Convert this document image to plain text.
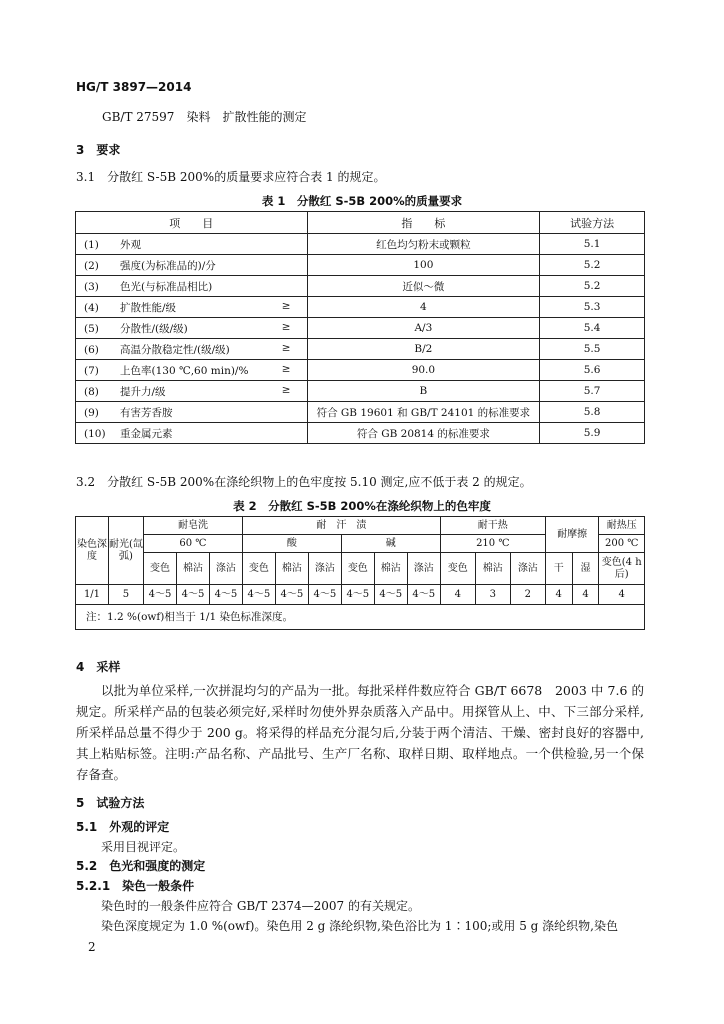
HG/T 3897—2014
GB/T 27597　染料　扩散性能的测定
3　要求
3.1　分散红 S-5B 200%的质量要求应符合表 1 的规定。
表 1　分散红 S-5B 200%的质量要求
项　　目	指　　标	试验方法
(1) 外观	红色均匀粉末或颗粒	5.1
(2) 强度(为标准品的)/分	100	5.2
(3) 色光(与标准品相比)	近似～微	5.2
(4) 扩散性能/级 ≥	4	5.3
(5) 分散性/(级/级) ≥	A/3	5.4
(6) 高温分散稳定性/(级/级) ≥	B/2	5.5
(7) 上色率(130 ℃,60 min)/% ≥	90.0	5.6
(8) 提升力/级 ≥	B	5.7
(9) 有害芳香胺	符合 GB 19601 和 GB/T 24101 的标准要求	5.8
(10) 重金属元素	符合 GB 20814 的标准要求	5.9
3.2　分散红 S-5B 200%在涤纶织物上的色牢度按 5.10 测定,应不低于表 2 的规定。
表 2　分散红 S-5B 200%在涤纶织物上的色牢度
染色深度	耐光(氙弧)	耐皂洗			耐　汗　渍						耐干热			耐摩擦		耐热压
		60 ℃			酸			碱			210 ℃					200 ℃
		变色	棉沾	涤沾	变色	棉沾	涤沾	变色	棉沾	涤沾	变色	棉沾	涤沾	干	湿	变色(4 h 后)
1/1	5	4～5	4～5	4～5	4～5	4～5	4～5	4～5	4～5	4～5	4	3	2	4	4	4
注：1.2 %(owf)相当于 1/1 染色标准深度。																
4　采样
以批为单位采样,一次拼混均匀的产品为一批。每批采样件数应符合 GB/T 6678　2003 中 7.6 的规定。所采样产品的包装必须完好,采样时勿使外界杂质落入产品中。用探管从上、中、下三部分采样,所采样品总量不得少于 200 g。将采得的样品充分混匀后,分装于两个清洁、干燥、密封良好的容器中,其上粘贴标签。注明:产品名称、产品批号、生产厂名称、取样日期、取样地点。一个供检验,另一个保存备查。
5　试验方法
5.1　外观的评定
采用目视评定。
5.2　色光和强度的测定
5.2.1　染色一般条件
染色时的一般条件应符合 GB/T 2374—2007 的有关规定。
染色深度规定为 1.0 %(owf)。染色用 2 g 涤纶织物,染色浴比为 1∶100;或用 5 g 涤纶织物,染色
2
